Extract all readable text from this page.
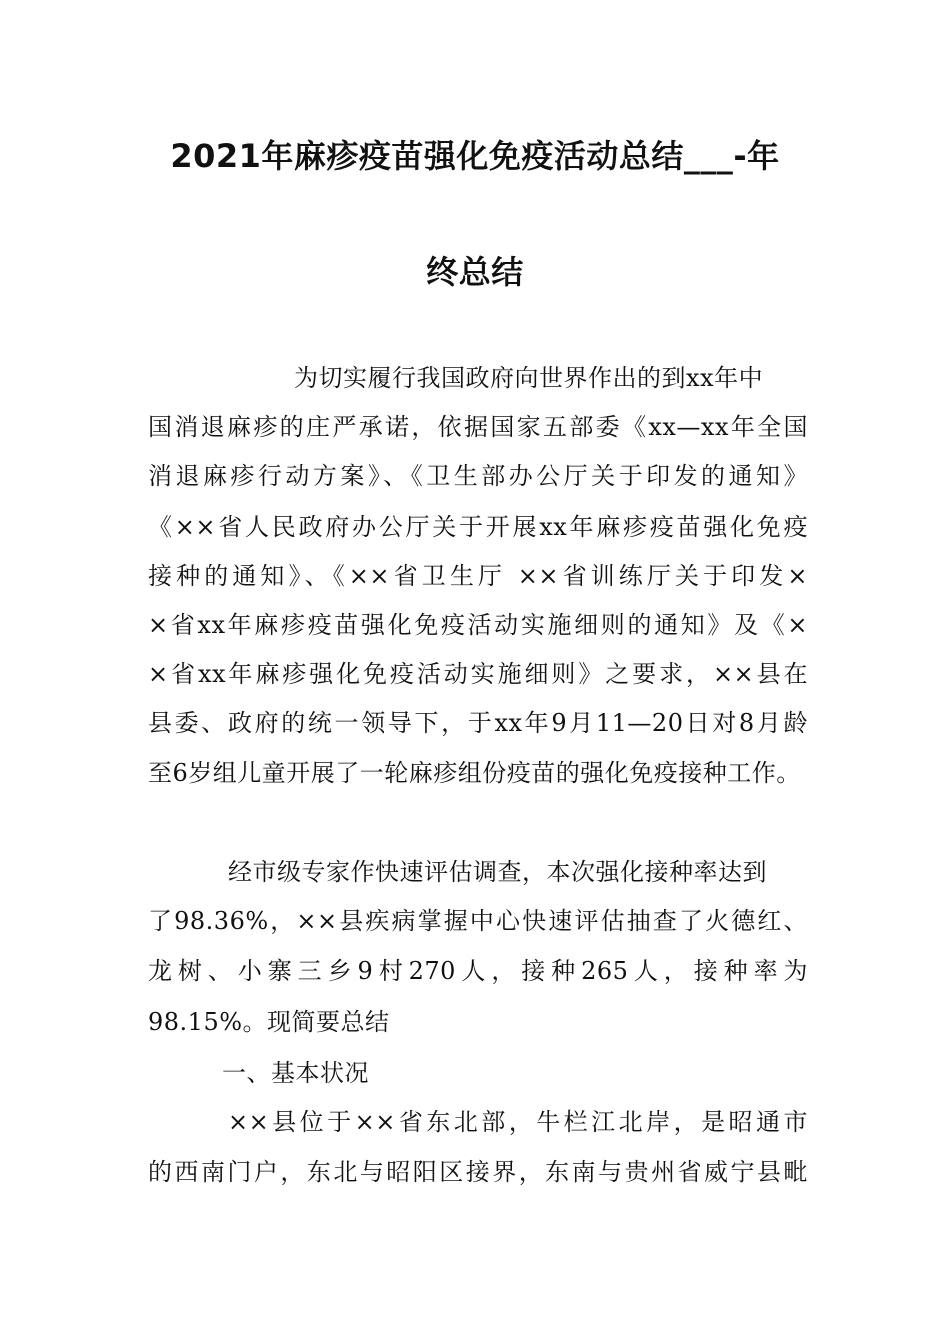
2021年麻疹疫苗强化免疫活动总结___-年
终总结
为切实履行我国政府向世界作出的到xx年中
国消退麻疹的庄严承诺，依据国家五部委《xx—xx年全国
消退麻疹行动方案》、《卫生部办公厅关于印发的通知》
《××省人民政府办公厅关于开展xx年麻疹疫苗强化免疫
接种的通知》、《××省卫生厅 ××省训练厅关于印发×
×省xx年麻疹疫苗强化免疫活动实施细则的通知》及《×
×省xx年麻疹强化免疫活动实施细则》之要求，××县在
县委、政府的统一领导下，于xx年9月11—20日对8月龄
至6岁组儿童开展了一轮麻疹组份疫苗的强化免疫接种工作。
经市级专家作快速评估调查，本次强化接种率达到
了98.36%，××县疾病掌握中心快速评估抽查了火德红、
龙树、小寨三乡9村270人，接种265人，接种率为
98.15%。现简要总结
一、基本状况
××县位于××省东北部，牛栏江北岸，是昭通市
的西南门户，东北与昭阳区接界，东南与贵州省威宁县毗
